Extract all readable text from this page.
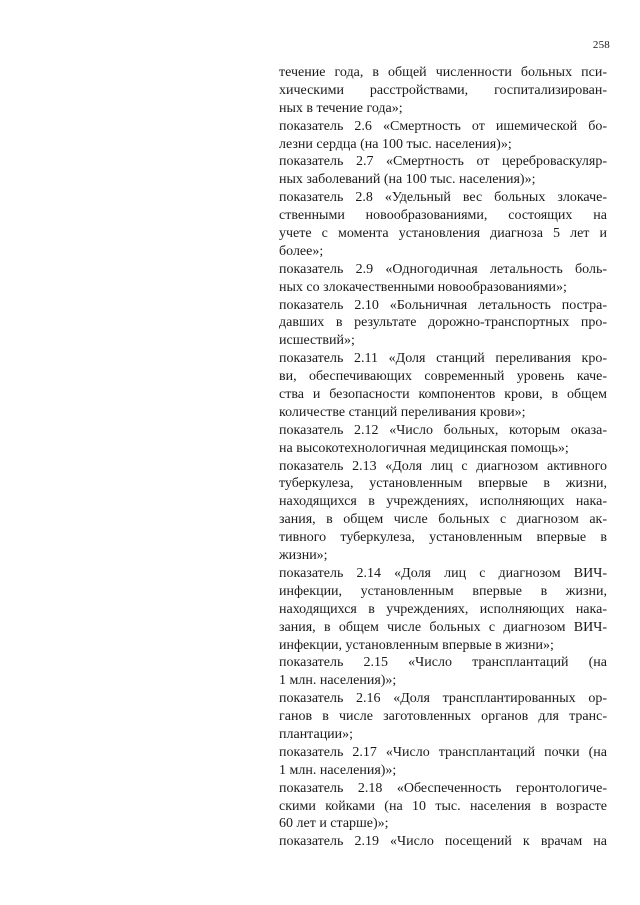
258
течение года, в общей численности больных пси-
хическими расстройствами, госпитализирован-
ных в течение года»;
показатель 2.6 «Смертность от ишемической бо-
лезни сердца (на 100 тыс. населения)»;
показатель 2.7 «Смертность от цереброваскуляр-
ных заболеваний (на 100 тыс. населения)»;
показатель 2.8 «Удельный вес больных злокаче-
ственными новообразованиями, состоящих на
учете с момента установления диагноза 5 лет и
более»;
показатель 2.9 «Одногодичная летальность боль-
ных со злокачественными новообразованиями»;
показатель 2.10 «Больничная летальность постра-
давших в результате дорожно-транспортных про-
исшествий»;
показатель 2.11 «Доля станций переливания кро-
ви, обеспечивающих современный уровень каче-
ства и безопасности компонентов крови, в общем
количестве станций переливания крови»;
показатель 2.12 «Число больных, которым оказа-
на высокотехнологичная медицинская помощь»;
показатель 2.13 «Доля лиц с диагнозом активного
туберкулеза, установленным впервые в жизни,
находящихся в учреждениях, исполняющих нака-
зания, в общем числе больных с диагнозом ак-
тивного туберкулеза, установленным впервые в
жизни»;
показатель 2.14 «Доля лиц с диагнозом ВИЧ-
инфекции, установленным впервые в жизни,
находящихся в учреждениях, исполняющих нака-
зания, в общем числе больных с диагнозом ВИЧ-
инфекции, установленным впервые в жизни»;
показатель 2.15 «Число трансплантаций (на
1 млн. населения)»;
показатель 2.16 «Доля трансплантированных ор-
ганов в числе заготовленных органов для транс-
плантации»;
показатель 2.17 «Число трансплантаций почки (на
1 млн. населения)»;
показатель 2.18 «Обеспеченность геронтологиче-
скими койками (на 10 тыс. населения в возрасте
60 лет и старше)»;
показатель 2.19 «Число посещений к врачам на
